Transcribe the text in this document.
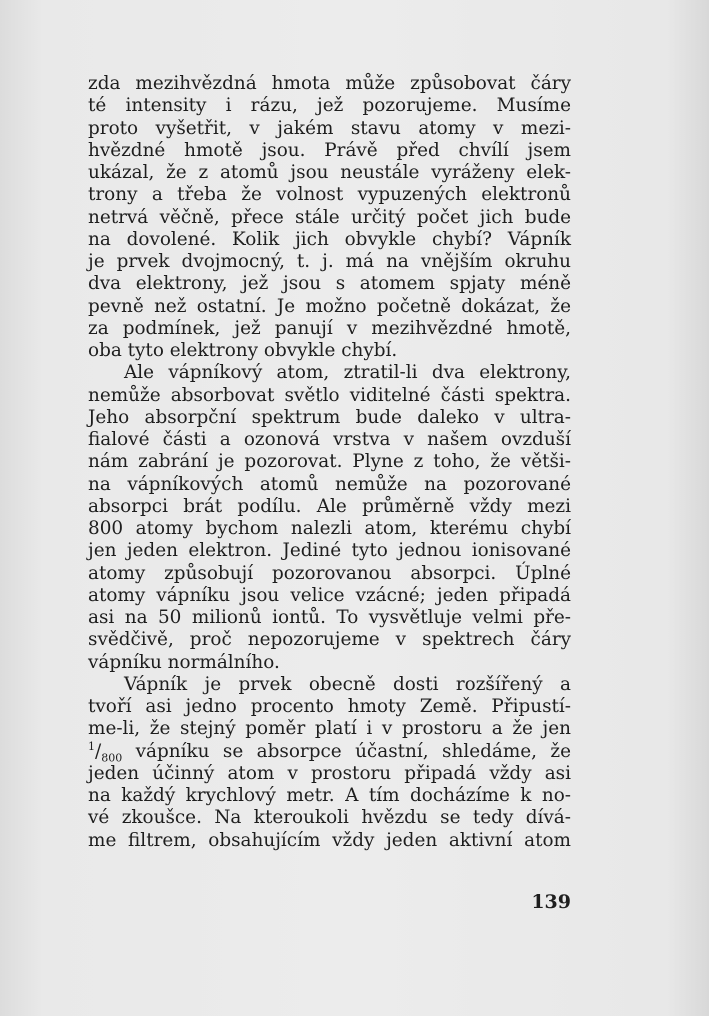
zda mezihvězdná hmota může způsobovat čáry
té intensity i rázu, jež pozorujeme. Musíme
proto vyšetřit, v jakém stavu atomy v mezi-
hvězdné hmotě jsou. Právě před chvílí jsem
ukázal, že z atomů jsou neustále vyráženy elek-
trony a třeba že volnost vypuzených elektronů
netrvá věčně, přece stále určitý počet jich bude
na dovolené. Kolik jich obvykle chybí? Vápník
je prvek dvojmocný, t. j. má na vnějším okruhu
dva elektrony, jež jsou s atomem spjaty méně
pevně než ostatní. Je možno početně dokázat, že
za podmínek, jež panují v mezihvězdné hmotě,
oba tyto elektrony obvykle chybí.
Ale vápníkový atom, ztratil-li dva elektrony,
nemůže absorbovat světlo viditelné části spektra.
Jeho absorpční spektrum bude daleko v ultra-
fialové části a ozonová vrstva v našem ovzduší
nám zabrání je pozorovat. Plyne z toho, že větši-
na vápníkových atomů nemůže na pozorované
absorpci brát podílu. Ale průměrně vždy mezi
800 atomy bychom nalezli atom, kterému chybí
jen jeden elektron. Jediné tyto jednou ionisované
atomy způsobují pozorovanou absorpci. Úplné
atomy vápníku jsou velice vzácné; jeden připadá
asi na 50 milionů iontů. To vysvětluje velmi pře-
svědčivě, proč nepozorujeme v spektrech čáry
vápníku normálního.
Vápník je prvek obecně dosti rozšířený a
tvoří asi jedno procento hmoty Země. Připustí-
me-li, že stejný poměr platí i v prostoru a že jen
$^1/_{800}$ vápníku se absorpce účastní, shledáme, že
jeden účinný atom v prostoru připadá vždy asi
na každý krychlový metr. A tím docházíme k no-
vé zkoušce. Na kteroukoli hvězdu se tedy dívá-
me filtrem, obsahujícím vždy jeden aktivní atom
139
